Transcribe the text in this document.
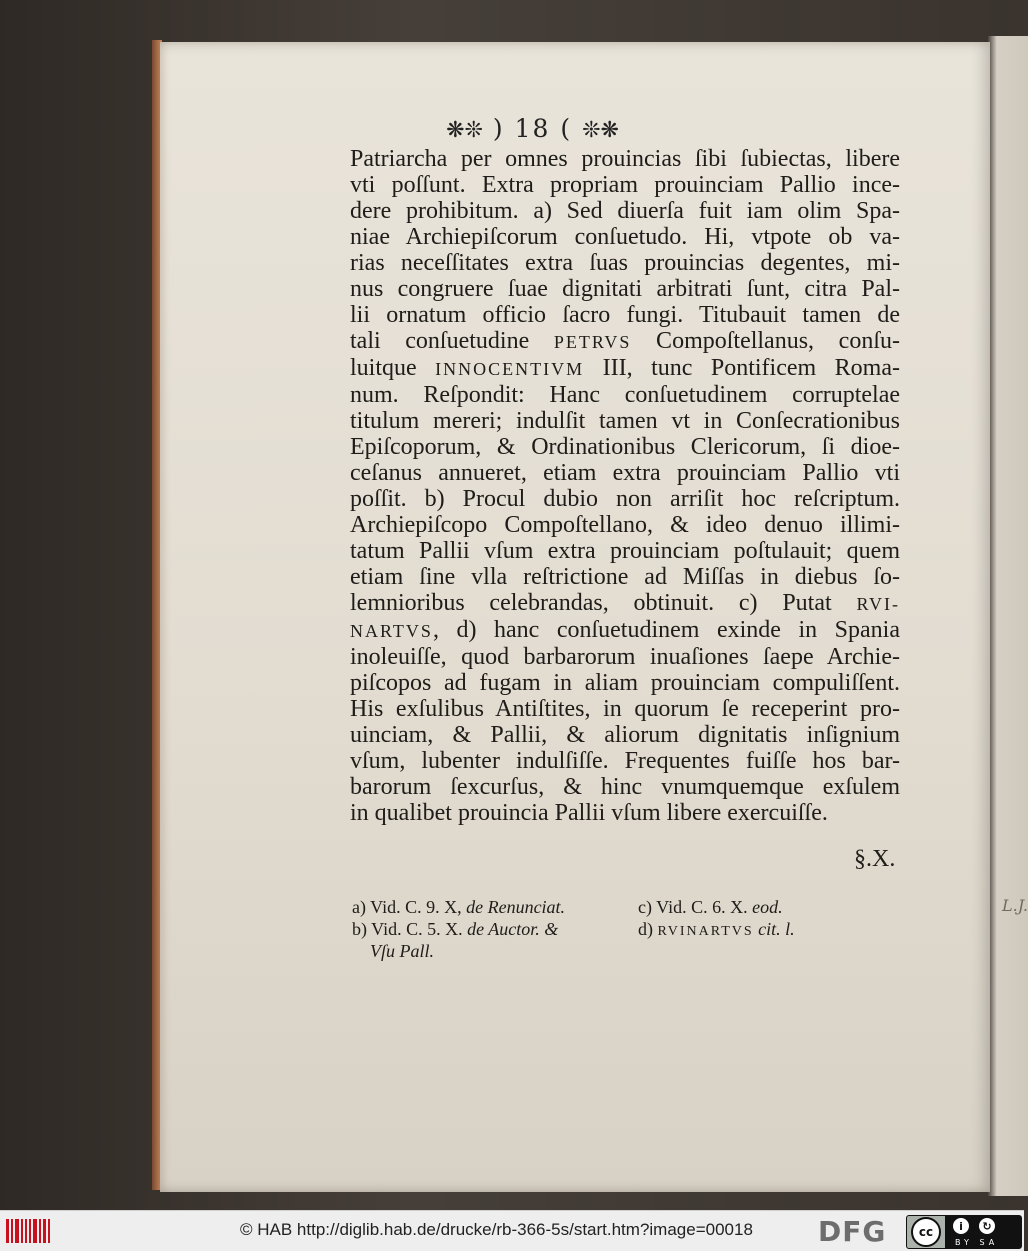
L.J.
❋❊ ) 18 ( ❊❋
Patriarcha per omnes prouincias ſibi ſubiectas, libere
vti poſſunt. Extra propriam prouinciam Pallio ince-
dere prohibitum. a) Sed diuerſa fuit iam olim Spa-
niae Archiepiſcorum conſuetudo. Hi, vtpote ob va-
rias neceſſitates extra ſuas prouincias degentes, mi-
nus congruere ſuae dignitati arbitrati ſunt, citra Pal-
lii ornatum officio ſacro fungi. Titubauit tamen de
tali conſuetudine PETRVS Compoſtellanus, conſu-
luitque INNOCENTIVM III, tunc Pontificem Roma-
num. Reſpondit: Hanc conſuetudinem corruptelae
titulum mereri; indulſit tamen vt in Conſecrationibus
Epiſcoporum, & Ordinationibus Clericorum, ſi dioe-
ceſanus annueret, etiam extra prouinciam Pallio vti
poſſit. b) Procul dubio non arriſit hoc reſcriptum.
Archiepiſcopo Compoſtellano, & ideo denuo illimi-
tatum Pallii vſum extra prouinciam poſtulauit; quem
etiam ſine vlla reſtrictione ad Miſſas in diebus ſo-
lemnioribus celebrandas, obtinuit. c) Putat RVI-
NARTVS, d) hanc conſuetudinem exinde in Spania
inoleuiſſe, quod barbarorum inuaſiones ſaepe Archie-
piſcopos ad fugam in aliam prouinciam compuliſſent.
His exſulibus Antiſtites, in quorum ſe receperint pro-
uinciam, & Pallii, & aliorum dignitatis inſignium
vſum, lubenter indulſiſſe. Frequentes fuiſſe hos bar-
barorum ſexcurſus, & hinc vnumquemque exſulem
in qualibet prouincia Pallii vſum libere exercuiſſe.
§.X.
a) Vid. C. 9. X, de Renunciat.
b) Vid. C. 5. X. de Auctor. &
Vſu Pall.
c) Vid. C. 6. X. eod.
d) RVINARTVS cit. l.
© HAB http://diglib.hab.de/drucke/rb-366-5s/start.htm?image=00018 DFG	cc	i	↻
BY SA
